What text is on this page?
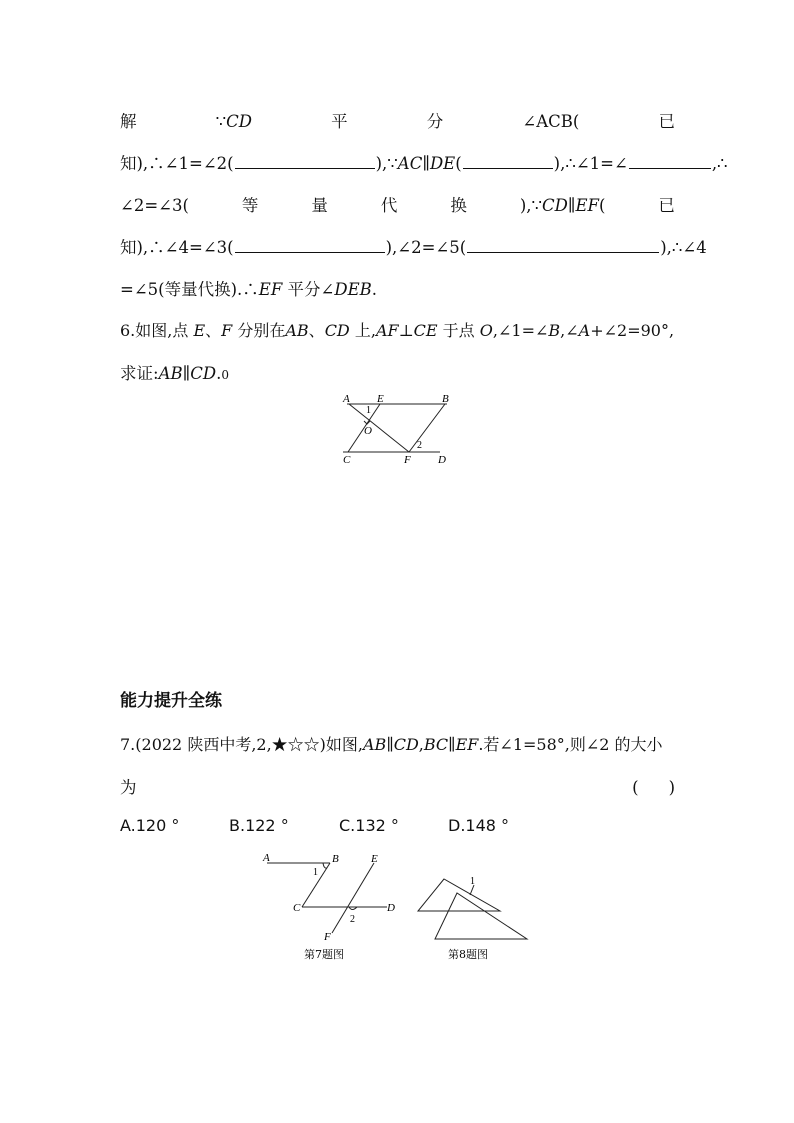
解	∵CD	平	分	∠ACB(	已
知),∴∠1=∠2(	),∵AC∥DE(	),∴∠1=∠	,∴
∠2=∠3(	等	量	代	换	),∵CD∥EF(	已
知),∴∠4=∠3(	),∠2=∠5(	),∴∠4
=∠5(等量代换).∴EF 平分∠DEB.
6.如图,点 E、F 分别在AB、CD 上,AF⊥CE 于点 O,∠1=∠B,∠A+∠2=90°,
求证:AB∥CD.0
A E	B
1
O
C	F D
2
能力提升全练
7.(2022 陕西中考,2,★☆☆)如图,AB∥CD,BC∥EF.若∠1=58°,则∠2 的大小
为	( )
A.120 °	B.122 °	C.132 °	D.148 °
A	B	E
1
C	D
F
2
第7题图
1
第8题图
